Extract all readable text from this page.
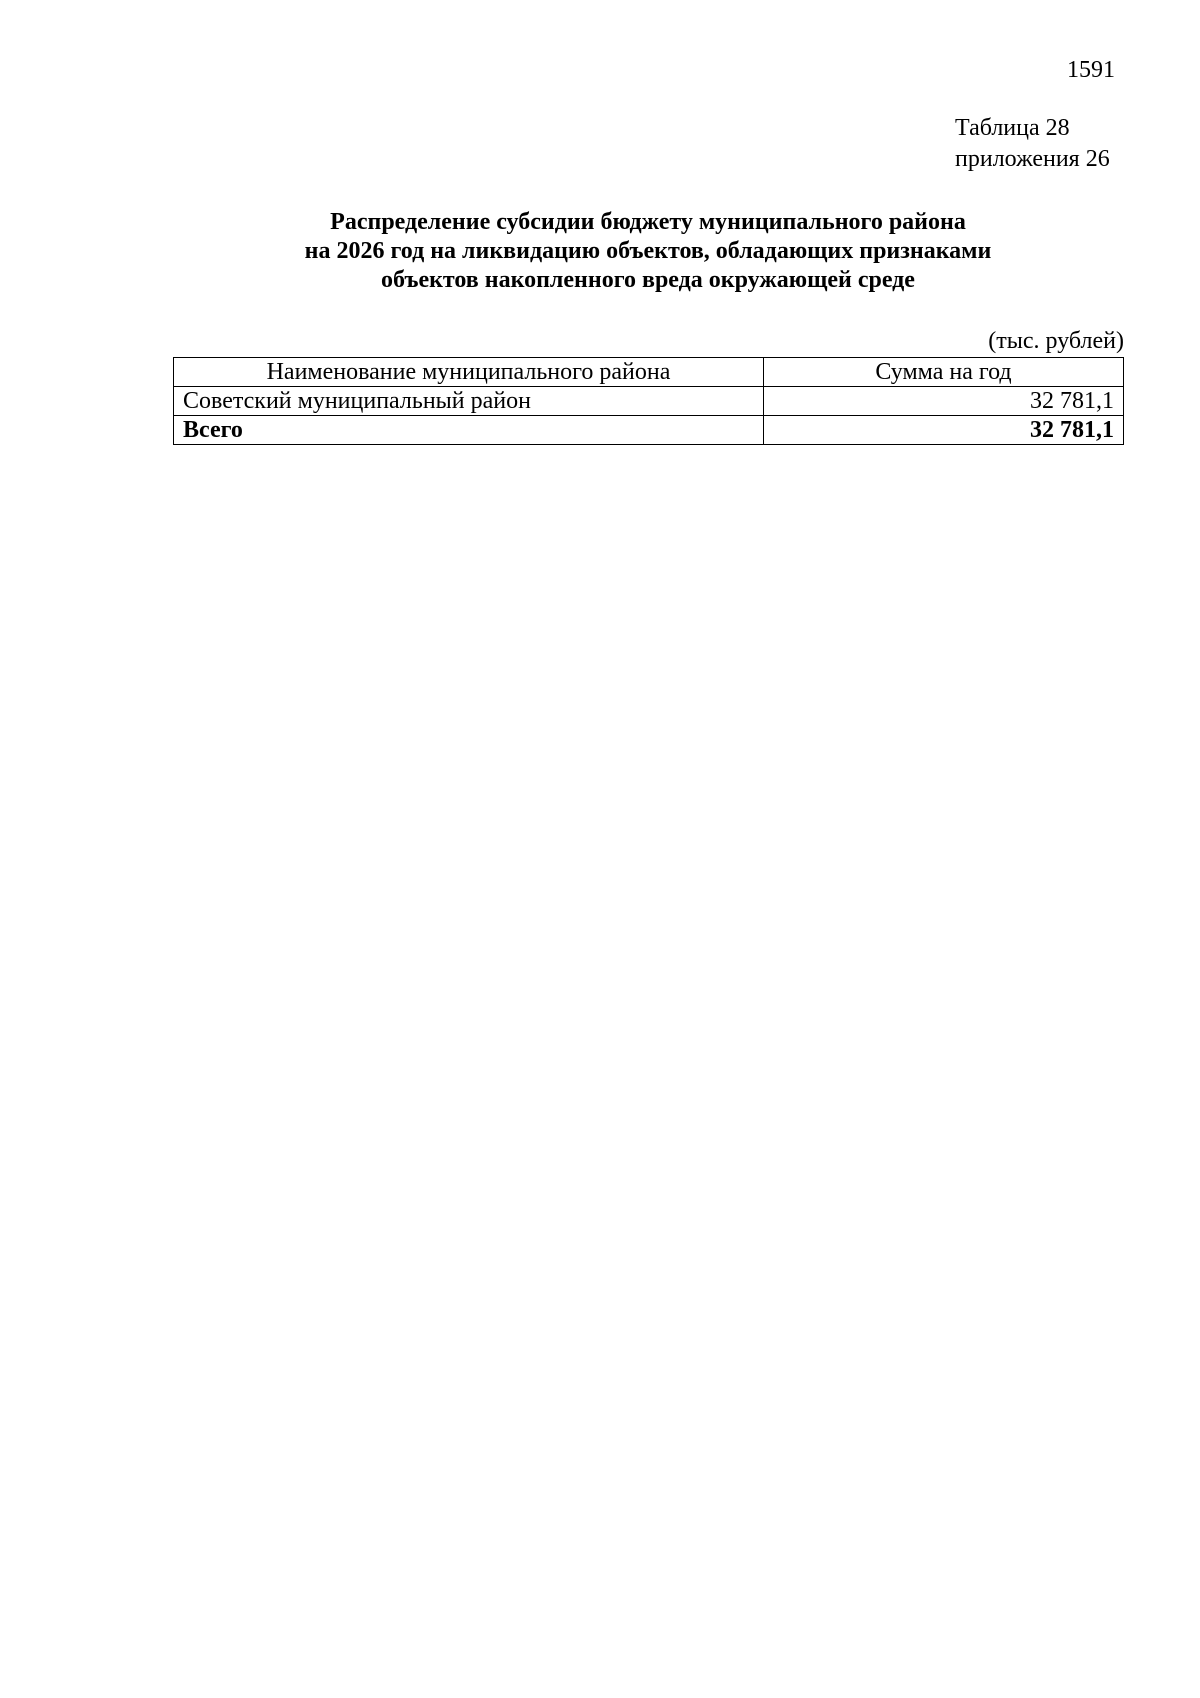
1591
Таблица 28
приложения 26
Распределение субсидии бюджету муниципального района
на 2026 год на ликвидацию объектов, обладающих признаками
объектов накопленного вреда окружающей среде
(тыс. рублей)
Наименование муниципального района	Сумма на год
Советский муниципальный район	32 781,1
Всего	32 781,1
